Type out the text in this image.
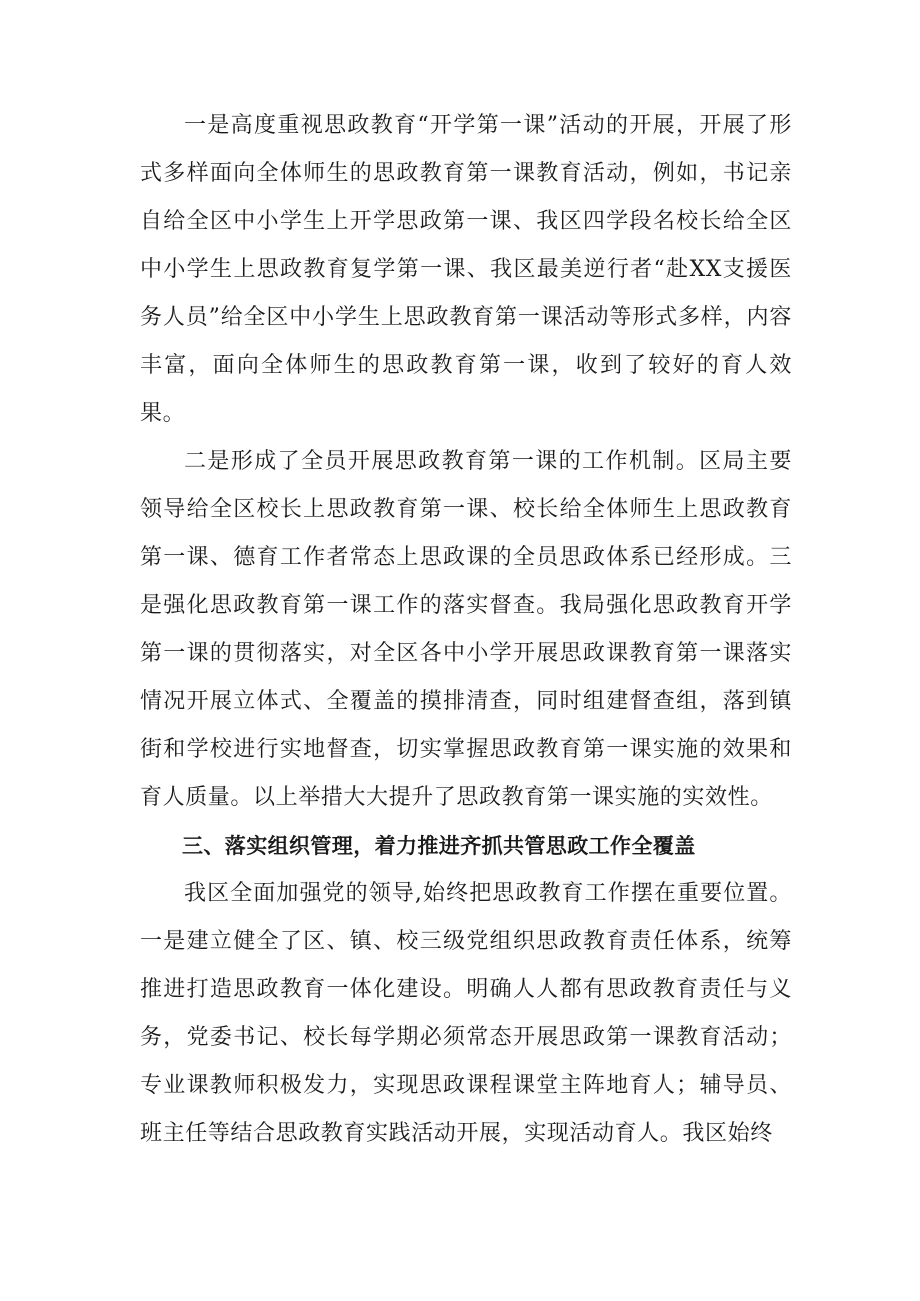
一是高度重视思政教育“开学第一课”活动的开展，开展了形式多样面向全体师生的思政教育第一课教育活动，例如，书记亲自给全区中小学生上开学思政第一课、我区四学段名校长给全区中小学生上思政教育复学第一课、我区最美逆行者“赴XX支援医务人员”给全区中小学生上思政教育第一课活动等形式多样，内容丰富，面向全体师生的思政教育第一课，收到了较好的育人效果。

二是形成了全员开展思政教育第一课的工作机制。区局主要领导给全区校长上思政教育第一课、校长给全体师生上思政教育第一课、德育工作者常态上思政课的全员思政体系已经形成。三是强化思政教育第一课工作的落实督查。我局强化思政教育开学第一课的贯彻落实，对全区各中小学开展思政课教育第一课落实情况开展立体式、全覆盖的摸排清查，同时组建督查组，落到镇街和学校进行实地督查，切实掌握思政教育第一课实施的效果和育人质量。以上举措大大提升了思政教育第一课实施的实效性。

三、落实组织管理，着力推进齐抓共管思政工作全覆盖

我区全面加强党的领导,始终把思政教育工作摆在重要位置。一是建立健全了区、镇、校三级党组织思政教育责任体系，统筹推进打造思政教育一体化建设。明确人人都有思政教育责任与义务，党委书记、校长每学期必须常态开展思政第一课教育活动；专业课教师积极发力，实现思政课程课堂主阵地育人；辅导员、班主任等结合思政教育实践活动开展，实现活动育人。我区始终
